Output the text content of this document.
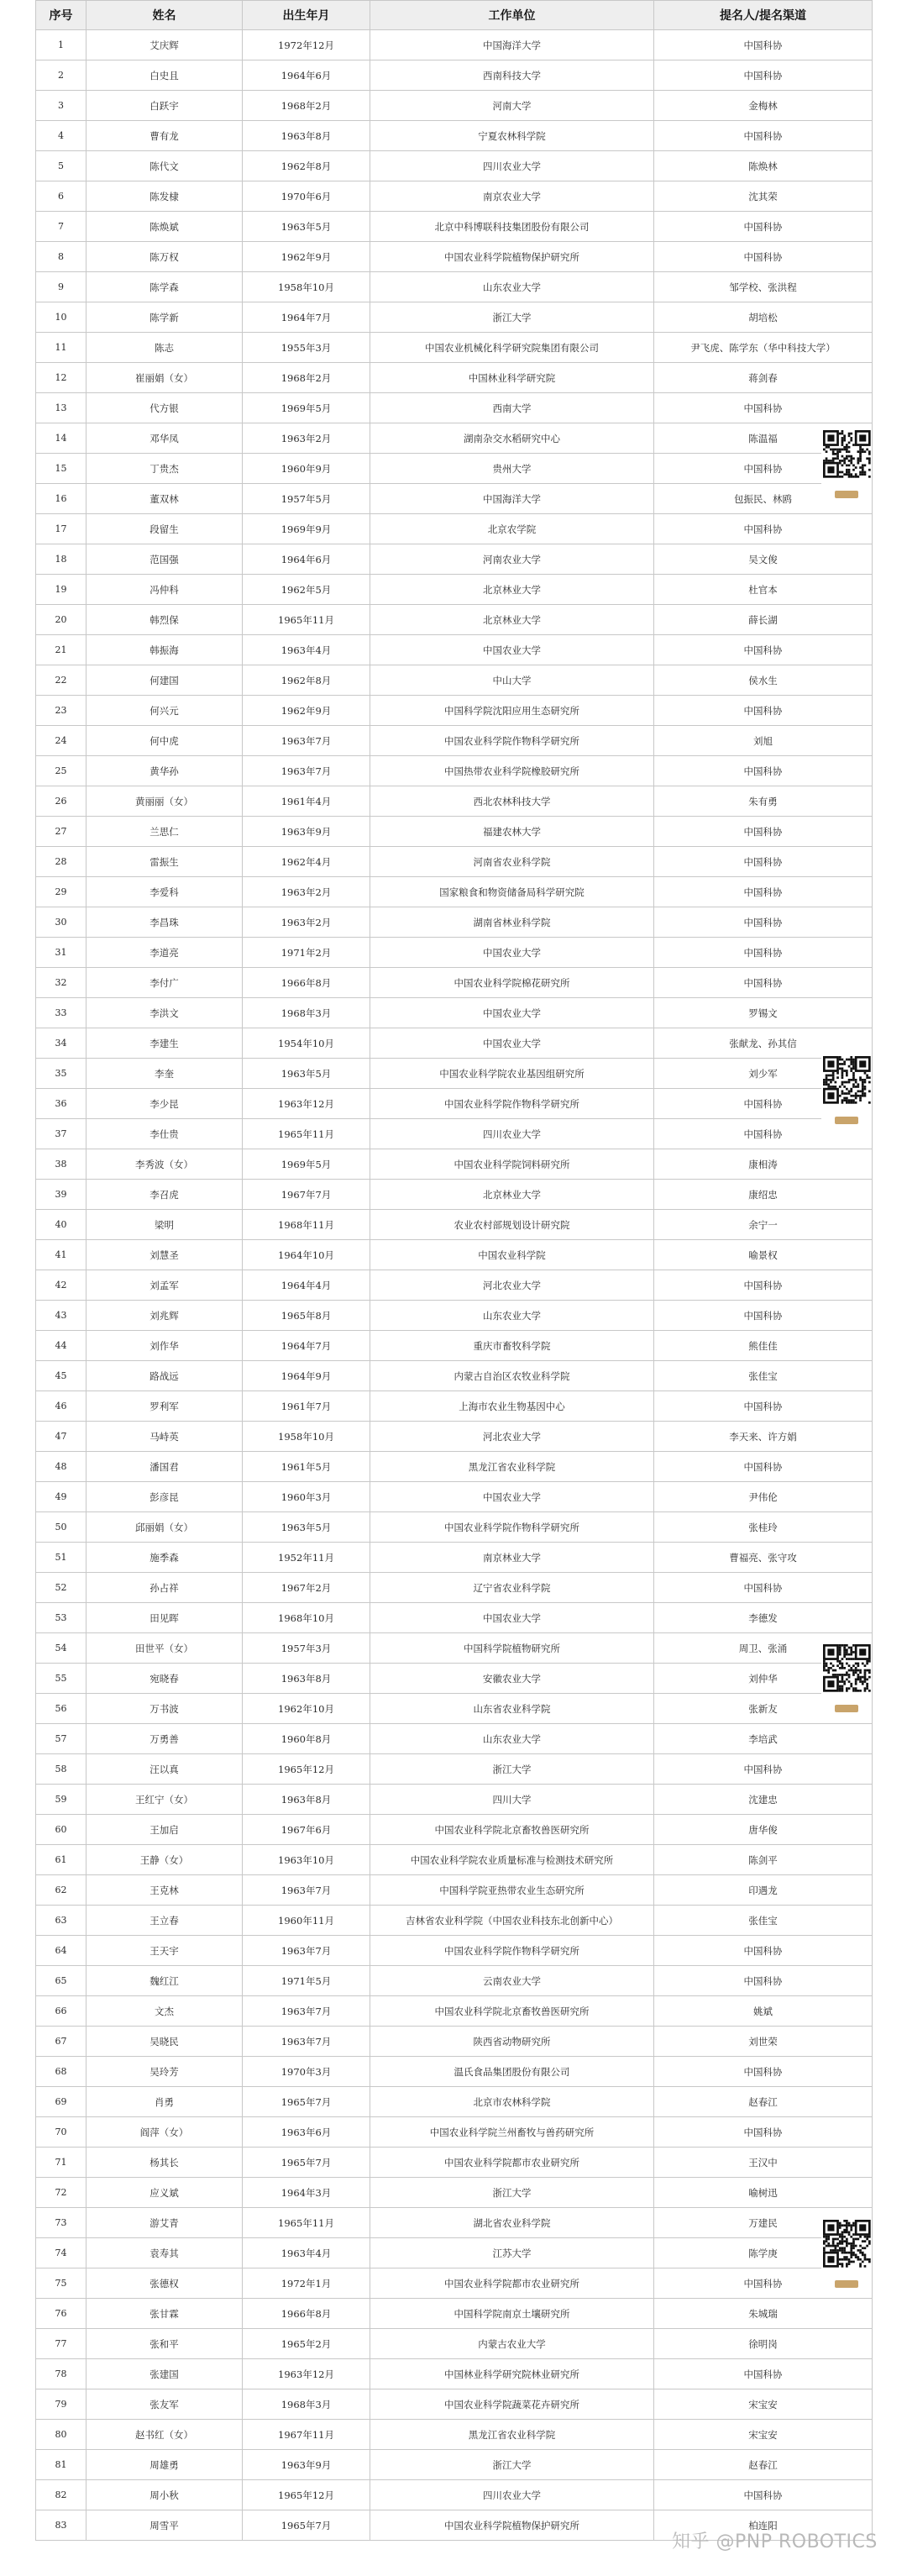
序号	姓名	出生年月	工作单位	提名人/提名渠道
1	艾庆辉	1972年12月	中国海洋大学	中国科协
2	白史且	1964年6月	西南科技大学	中国科协
3	白跃宇	1968年2月	河南大学	金梅林
4	曹有龙	1963年8月	宁夏农林科学院	中国科协
5	陈代文	1962年8月	四川农业大学	陈焕林
6	陈发棣	1970年6月	南京农业大学	沈其荣
7	陈焕斌	1963年5月	北京中科博联科技集团股份有限公司	中国科协
8	陈万权	1962年9月	中国农业科学院植物保护研究所	中国科协
9	陈学森	1958年10月	山东农业大学	邹学校、张洪程
10	陈学新	1964年7月	浙江大学	胡培松
11	陈志	1955年3月	中国农业机械化科学研究院集团有限公司	尹飞虎、陈学东（华中科技大学）
12	崔丽娟（女）	1968年2月	中国林业科学研究院	蒋剑春
13	代方银	1969年5月	西南大学	中国科协
14	邓华凤	1963年2月	湖南杂交水稻研究中心	陈温福
15	丁贵杰	1960年9月	贵州大学	中国科协
16	董双林	1957年5月	中国海洋大学	包振民、林鸥
17	段留生	1969年9月	北京农学院	中国科协
18	范国强	1964年6月	河南农业大学	吴文俊
19	冯仲科	1962年5月	北京林业大学	杜官本
20	韩烈保	1965年11月	北京林业大学	薛长湖
21	韩振海	1963年4月	中国农业大学	中国科协
22	何建国	1962年8月	中山大学	侯水生
23	何兴元	1962年9月	中国科学院沈阳应用生态研究所	中国科协
24	何中虎	1963年7月	中国农业科学院作物科学研究所	刘旭
25	黄华孙	1963年7月	中国热带农业科学院橡胶研究所	中国科协
26	黄丽丽（女）	1961年4月	西北农林科技大学	朱有勇
27	兰思仁	1963年9月	福建农林大学	中国科协
28	雷振生	1962年4月	河南省农业科学院	中国科协
29	李爱科	1963年2月	国家粮食和物资储备局科学研究院	中国科协
30	李昌珠	1963年2月	湖南省林业科学院	中国科协
31	李道亮	1971年2月	中国农业大学	中国科协
32	李付广	1966年8月	中国农业科学院棉花研究所	中国科协
33	李洪文	1968年3月	中国农业大学	罗锡文
34	李建生	1954年10月	中国农业大学	张献龙、孙其信
35	李奎	1963年5月	中国农业科学院农业基因组研究所	刘少军
36	李少昆	1963年12月	中国农业科学院作物科学研究所	中国科协
37	李仕贵	1965年11月	四川农业大学	中国科协
38	李秀波（女）	1969年5月	中国农业科学院饲料研究所	康相涛
39	李召虎	1967年7月	北京林业大学	康绍忠
40	梁明	1968年11月	农业农村部规划设计研究院	余宁一
41	刘慧圣	1964年10月	中国农业科学院	喻景权
42	刘孟军	1964年4月	河北农业大学	中国科协
43	刘兆辉	1965年8月	山东农业大学	中国科协
44	刘作华	1964年7月	重庆市畜牧科学院	熊佳佳
45	路战远	1964年9月	内蒙古自治区农牧业科学院	张佳宝
46	罗利军	1961年7月	上海市农业生物基因中心	中国科协
47	马峙英	1958年10月	河北农业大学	李天来、许方娟
48	潘国君	1961年5月	黑龙江省农业科学院	中国科协
49	彭彦昆	1960年3月	中国农业大学	尹伟伦
50	邱丽娟（女）	1963年5月	中国农业科学院作物科学研究所	张桂玲
51	施季森	1952年11月	南京林业大学	曹福亮、张守攻
52	孙占祥	1967年2月	辽宁省农业科学院	中国科协
53	田见晖	1968年10月	中国农业大学	李德发
54	田世平（女）	1957年3月	中国科学院植物研究所	周卫、张涌
55	宛晓春	1963年8月	安徽农业大学	刘仲华
56	万书波	1962年10月	山东省农业科学院	张新友
57	万勇善	1960年8月	山东农业大学	李培武
58	汪以真	1965年12月	浙江大学	中国科协
59	王红宁（女）	1963年8月	四川大学	沈建忠
60	王加启	1967年6月	中国农业科学院北京畜牧兽医研究所	唐华俊
61	王静（女）	1963年10月	中国农业科学院农业质量标准与检测技术研究所	陈剑平
62	王克林	1963年7月	中国科学院亚热带农业生态研究所	印遇龙
63	王立春	1960年11月	吉林省农业科学院（中国农业科技东北创新中心）	张佳宝
64	王天宇	1963年7月	中国农业科学院作物科学研究所	中国科协
65	魏红江	1971年5月	云南农业大学	中国科协
66	文杰	1963年7月	中国农业科学院北京畜牧兽医研究所	姚斌
67	吴晓民	1963年7月	陕西省动物研究所	刘世荣
68	吴玲芳	1970年3月	温氏食品集团股份有限公司	中国科协
69	肖勇	1965年7月	北京市农林科学院	赵春江
70	阎萍（女）	1963年6月	中国农业科学院兰州畜牧与兽药研究所	中国科协
71	杨其长	1965年7月	中国农业科学院都市农业研究所	王汉中
72	应义斌	1964年3月	浙江大学	喻树迅
73	游艾青	1965年11月	湖北省农业科学院	万建民
74	袁寿其	1963年4月	江苏大学	陈学庚
75	张德权	1972年1月	中国农业科学院都市农业研究所	中国科协
76	张甘霖	1966年8月	中国科学院南京土壤研究所	朱城瑞
77	张和平	1965年2月	内蒙古农业大学	徐明岗
78	张建国	1963年12月	中国林业科学研究院林业研究所	中国科协
79	张友军	1968年3月	中国农业科学院蔬菜花卉研究所	宋宝安
80	赵书红（女）	1967年11月	黑龙江省农业科学院	宋宝安
81	周雄勇	1963年9月	浙江大学	赵春江
82	周小秋	1965年12月	四川农业大学	中国科协
83	周雪平	1965年7月	中国农业科学院植物保护研究所	柏连阳
知乎 @PNP ROBOTICS
